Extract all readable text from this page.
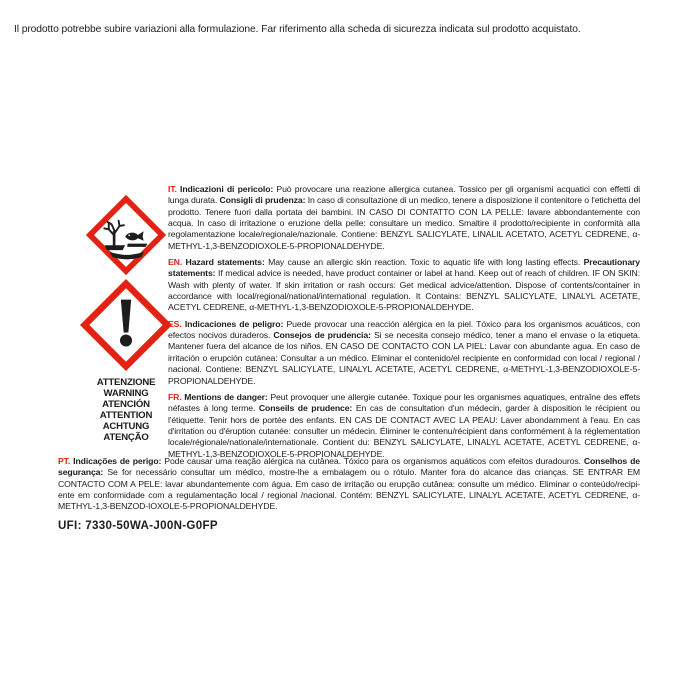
Il prodotto potrebbe subire variazioni alla formulazione. Far riferimento alla scheda di sicurezza indicata sul prodotto acquistato.
ATTENZIONE
WARNING
ATENCIÓN
ATTENTION
ACHTUNG
ATENÇÃO

IT. Indicazioni di pericolo: Può provocare una reazione allergica cutanea. Tossico per gli organismi acquatici con effetti di lunga durata. Consigli di prudenza: In caso di consultazione di un medico, tenere a disposizione il contenitore o l'etichetta del prodotto. Tenere fuori dalla portata dei bambini. IN CASO DI CONTATTO CON LA PELLE: lavare abbondantemente con acqua. In caso di irritazione o eruzione della pelle: consultare un medico. Smaltire il prodotto/recipiente in conformità alla regolamentazione locale/regionale/nazionale. Contiene: BENZYL SALICYLATE, LINALIL ACETATO, ACETYL CEDRENE, α-METHYL-1,3-BENZODIOXOLE-5-PROPIONALDEHYDE.

EN. Hazard statements: May cause an allergic skin reaction. Toxic to aquatic life with long lasting effects. Precautionary statements: If medical advice is needed, have product container or label at hand. Keep out of reach of children. IF ON SKIN: Wash with plenty of water. If skin irritation or rash occurs: Get medical advice/attention. Dispose of contents/container in accordance with local/regional/national/international regulation. It Contains: BENZYL SALICYLATE, LINALYL ACETATE, ACETYL CEDRENE, α-METHYL-1,3-BENZODIOXOLE-5-PROPIONALDEHYDE.

ES. Indicaciones de peligro: Puede provocar una reacción alérgica en la piel. Tóxico para los organismos acuáticos, con efectos nocivos duraderos. Consejos de prudencia: Si se necesita consejo médico, tener a mano el envase o la etiqueta. Mantener fuera del alcance de los niños. EN CASO DE CONTACTO CON LA PIEL: Lavar con abundante agua. En caso de irritación o erupción cutánea: Consultar a un médico. Eliminar el contenido/el recipiente en conformidad con local / regional / nacional. Contiene: BENZYL SALICYLATE, LINALYL ACETATE, ACETYL CEDRENE, α-METHYL-1,3-BENZODIOXOLE-5-PROPIONALDEHYDE.

FR. Mentions de danger: Peut provoquer une allergie cutanée. Toxique pour les organismes aquatiques, entraîne des effets néfastes à long terme. Conseils de prudence: En cas de consultation d'un médecin, garder à disposition le récipient ou l'étiquette. Tenir hors de portée des enfants. EN CAS DE CONTACT AVEC LA PEAU: Laver abondamment à l'eau. En cas d'irritation ou d'éruption cutanée: consulter un médecin. Éliminer le contenu/récipient dans conformément à la réglementation locale/régionale/nationale/internationale. Contient du: BENZYL SALICYLATE, LINALYL ACETATE, ACETYL CEDRENE, α-METHYL-1,3-BENZODIOXOLE-5-PROPIONALDEHYDE.

PT. Indicações de perigo: Pode causar uma reação alérgica na cutânea. Tóxico para os organismos aquáticos com efeitos duradouros. Conselhos de segurança: Se for necessário consultar um médico, mostre-lhe a embalagem ou o rótulo. Manter fora do alcance das crianças. SE ENTRAR EM CONTACTO COM A PELE: lavar abundantemente com água. Em caso de irritação ou erupção cutânea: consulte um médico. Eliminar o conteúdo/recipi- ente em conformidade com a regulamentação local / regional /nacional. Contém: BENZYL SALICYLATE, LINALYL ACETATE, ACETYL CEDRENE, α-METHYL-1,3-BENZOD-IOXOLE-5-PROPIONALDEHYDE.

UFI: 7330-50WA-J00N-G0FP
